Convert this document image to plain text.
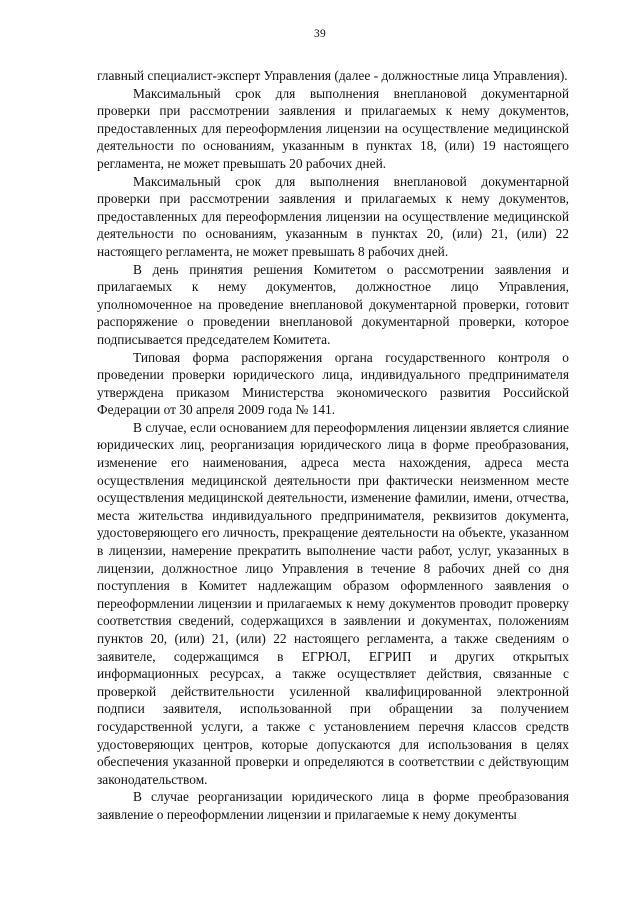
39

главный специалист-эксперт Управления (далее - должностные лица Управления).

Максимальный срок для выполнения внеплановой документарной проверки при рассмотрении заявления и прилагаемых к нему документов, предоставленных для переоформления лицензии на осуществление медицинской деятельности по основаниям, указанным в пунктах 18, (или) 19 настоящего регламента, не может превышать 20 рабочих дней.

Максимальный срок для выполнения внеплановой документарной проверки при рассмотрении заявления и прилагаемых к нему документов, предоставленных для переоформления лицензии на осуществление медицинской деятельности по основаниям, указанным в пунктах 20, (или) 21, (или) 22 настоящего регламента, не может превышать 8 рабочих дней.

В день принятия решения Комитетом о рассмотрении заявления и прилагаемых к нему документов, должностное лицо Управления, уполномоченное на проведение внеплановой документарной проверки, готовит распоряжение о проведении внеплановой документарной проверки, которое подписывается председателем Комитета.

Типовая форма распоряжения органа государственного контроля о проведении проверки юридического лица, индивидуального предпринимателя утверждена приказом Министерства экономического развития Российской Федерации от 30 апреля 2009 года № 141.

В случае, если основанием для переоформления лицензии является слияние юридических лиц, реорганизация юридического лица в форме преобразования, изменение его наименования, адреса места нахождения, адреса места осуществления медицинской деятельности при фактически неизменном месте осуществления медицинской деятельности, изменение фамилии, имени, отчества, места жительства индивидуального предпринимателя, реквизитов документа, удостоверяющего его личность, прекращение деятельности на объекте, указанном в лицензии, намерение прекратить выполнение части работ, услуг, указанных в лицензии, должностное лицо Управления в течение 8 рабочих дней со дня поступления в Комитет надлежащим образом оформленного заявления о переоформлении лицензии и прилагаемых к нему документов проводит проверку соответствия сведений, содержащихся в заявлении и документах, положениям пунктов 20, (или) 21, (или) 22 настоящего регламента, а также сведениям о заявителе, содержащимся в ЕГРЮЛ, ЕГРИП и других открытых информационных ресурсах, а также осуществляет действия, связанные с проверкой действительности усиленной квалифицированной электронной подписи заявителя, использованной при обращении за получением государственной услуги, а также с установлением перечня классов средств удостоверяющих центров, которые допускаются для использования в целях обеспечения указанной проверки и определяются в соответствии с действующим законодательством.

В случае реорганизации юридического лица в форме преобразования заявление о переоформлении лицензии и прилагаемые к нему документы
